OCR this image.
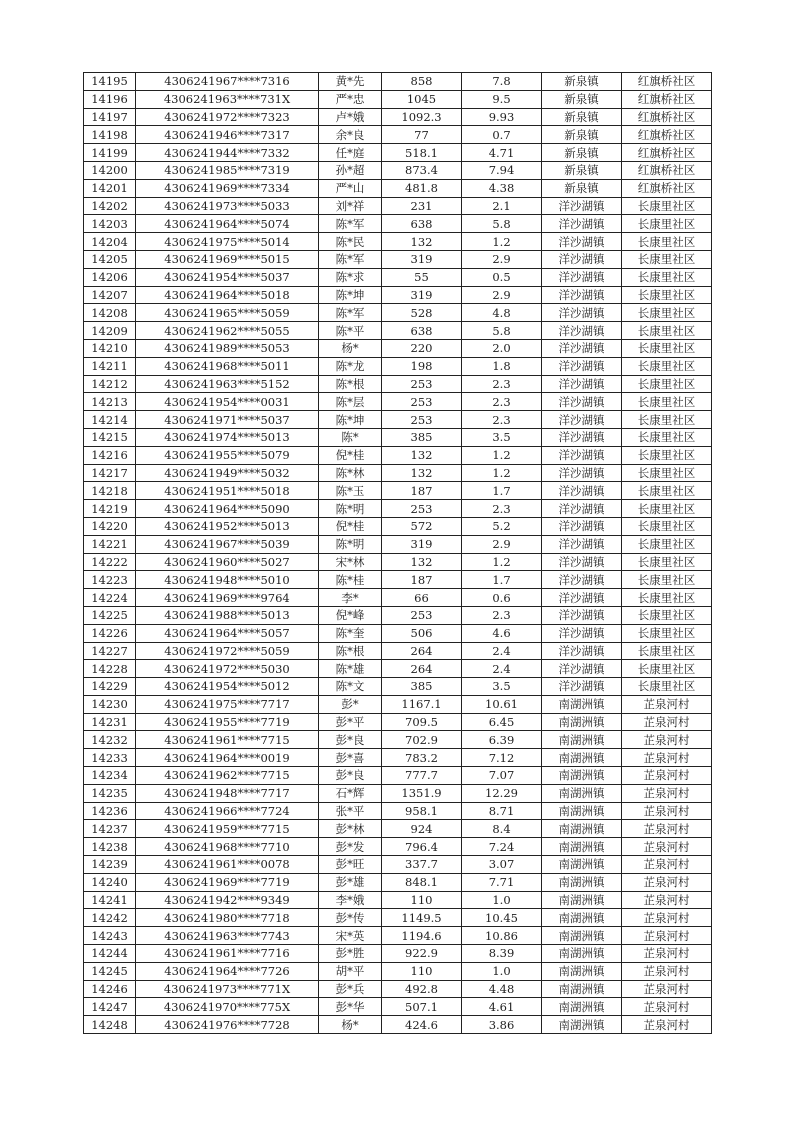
14195	4306241967****7316	黄*先	858	7.8	新泉镇	红旗桥社区
14196	4306241963****731X	严*忠	1045	9.5	新泉镇	红旗桥社区
14197	4306241972****7323	卢*娥	1092.3	9.93	新泉镇	红旗桥社区
14198	4306241946****7317	余*良	77	0.7	新泉镇	红旗桥社区
14199	4306241944****7332	任*庭	518.1	4.71	新泉镇	红旗桥社区
14200	4306241985****7319	孙*超	873.4	7.94	新泉镇	红旗桥社区
14201	4306241969****7334	严*山	481.8	4.38	新泉镇	红旗桥社区
14202	4306241973****5033	刘*祥	231	2.1	洋沙湖镇	长康里社区
14203	4306241964****5074	陈*军	638	5.8	洋沙湖镇	长康里社区
14204	4306241975****5014	陈*民	132	1.2	洋沙湖镇	长康里社区
14205	4306241969****5015	陈*军	319	2.9	洋沙湖镇	长康里社区
14206	4306241954****5037	陈*求	55	0.5	洋沙湖镇	长康里社区
14207	4306241964****5018	陈*坤	319	2.9	洋沙湖镇	长康里社区
14208	4306241965****5059	陈*军	528	4.8	洋沙湖镇	长康里社区
14209	4306241962****5055	陈*平	638	5.8	洋沙湖镇	长康里社区
14210	4306241989****5053	杨*	220	2.0	洋沙湖镇	长康里社区
14211	4306241968****5011	陈*龙	198	1.8	洋沙湖镇	长康里社区
14212	4306241963****5152	陈*根	253	2.3	洋沙湖镇	长康里社区
14213	4306241954****0031	陈*层	253	2.3	洋沙湖镇	长康里社区
14214	4306241971****5037	陈*坤	253	2.3	洋沙湖镇	长康里社区
14215	4306241974****5013	陈*	385	3.5	洋沙湖镇	长康里社区
14216	4306241955****5079	倪*桂	132	1.2	洋沙湖镇	长康里社区
14217	4306241949****5032	陈*林	132	1.2	洋沙湖镇	长康里社区
14218	4306241951****5018	陈*玉	187	1.7	洋沙湖镇	长康里社区
14219	4306241964****5090	陈*明	253	2.3	洋沙湖镇	长康里社区
14220	4306241952****5013	倪*桂	572	5.2	洋沙湖镇	长康里社区
14221	4306241967****5039	陈*明	319	2.9	洋沙湖镇	长康里社区
14222	4306241960****5027	宋*林	132	1.2	洋沙湖镇	长康里社区
14223	4306241948****5010	陈*桂	187	1.7	洋沙湖镇	长康里社区
14224	4306241969****9764	李*	66	0.6	洋沙湖镇	长康里社区
14225	4306241988****5013	倪*峰	253	2.3	洋沙湖镇	长康里社区
14226	4306241964****5057	陈*奎	506	4.6	洋沙湖镇	长康里社区
14227	4306241972****5059	陈*根	264	2.4	洋沙湖镇	长康里社区
14228	4306241972****5030	陈*雄	264	2.4	洋沙湖镇	长康里社区
14229	4306241954****5012	陈*文	385	3.5	洋沙湖镇	长康里社区
14230	4306241975****7717	彭*	1167.1	10.61	南湖洲镇	芷泉河村
14231	4306241955****7719	彭*平	709.5	6.45	南湖洲镇	芷泉河村
14232	4306241961****7715	彭*良	702.9	6.39	南湖洲镇	芷泉河村
14233	4306241964****0019	彭*喜	783.2	7.12	南湖洲镇	芷泉河村
14234	4306241962****7715	彭*良	777.7	7.07	南湖洲镇	芷泉河村
14235	4306241948****7717	石*辉	1351.9	12.29	南湖洲镇	芷泉河村
14236	4306241966****7724	张*平	958.1	8.71	南湖洲镇	芷泉河村
14237	4306241959****7715	彭*林	924	8.4	南湖洲镇	芷泉河村
14238	4306241968****7710	彭*发	796.4	7.24	南湖洲镇	芷泉河村
14239	4306241961****0078	彭*旺	337.7	3.07	南湖洲镇	芷泉河村
14240	4306241969****7719	彭*雄	848.1	7.71	南湖洲镇	芷泉河村
14241	4306241942****9349	李*娥	110	1.0	南湖洲镇	芷泉河村
14242	4306241980****7718	彭*传	1149.5	10.45	南湖洲镇	芷泉河村
14243	4306241963****7743	宋*英	1194.6	10.86	南湖洲镇	芷泉河村
14244	4306241961****7716	彭*胜	922.9	8.39	南湖洲镇	芷泉河村
14245	4306241964****7726	胡*平	110	1.0	南湖洲镇	芷泉河村
14246	4306241973****771X	彭*兵	492.8	4.48	南湖洲镇	芷泉河村
14247	4306241970****775X	彭*华	507.1	4.61	南湖洲镇	芷泉河村
14248	4306241976****7728	杨*	424.6	3.86	南湖洲镇	芷泉河村
